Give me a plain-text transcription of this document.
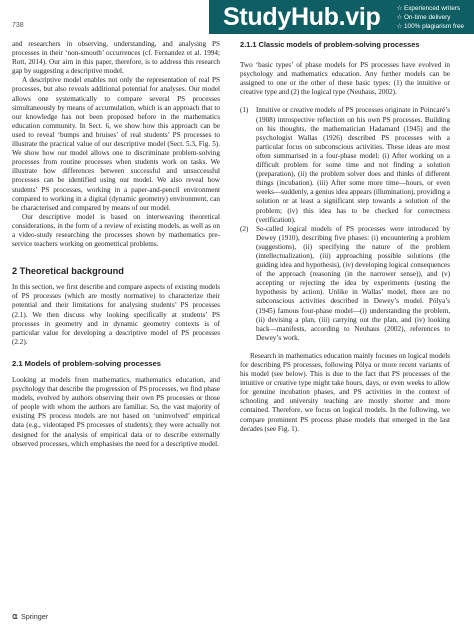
738	StudyHub.vip ☆ Experienced writers
☆ On-time delivery
☆ 100% plagiarism free

and researchers in observing, understanding, and analysing PS processes in their ‘non-smooth’ occurrences (cf. Fernandez et al. 1994; Rott, 2014). Our aim in this paper, therefore, is to address this research gap by suggesting a descriptive model.

A descriptive model enables not only the representation of real PS processes, but also reveals additional potential for analyses. Our model allows one systematically to compare several PS processes simultaneously by means of accumulation, which is an approach that to our knowledge has not been proposed before in the mathematics education community. In Sect. 6, we show how this approach can be used to reveal ‘bumps and bruises’ of real students’ PS processes to illustrate the practical value of our descriptive model (Sect. 5.3, Fig. 5). We show how our model allows one to discriminate problem-solving processes from routine processes when students work on tasks. We illustrate how differences between successful and unsuccessful processes can be identified using our model. We also reveal how students’ PS processes, working in a paper-and-pencil environment compared to working in a digital (dynamic geometry) environment, can be characterised and compared by means of our model.

Our descriptive model is based on interweaving theoretical considerations, in the form of a review of existing models, as well as on a video-study researching the processes shown by mathematics pre-service teachers working on geometrical problems.

2 Theoretical background

In this section, we first describe and compare aspects of existing models of PS processes (which are mostly normative) to characterize their potential and their limitations for analysing students’ PS processes (2.1). We then discuss why looking specifically at students’ PS processes in geometry and in dynamic geometry contexts is of particular value for developing a descriptive model of PS processes (2.2).

2.1 Models of problem-solving processes

Looking at models from mathematics, mathematics education, and psychology that describe the progression of PS processes, we find phase models, evolved by authors observing their own PS processes or those of people with whom the authors are familiar. So, the vast majority of existing PS process models are not based on ‘uninvolved’ empirical data (e.g., videotaped PS processes of students); they were actually not designed for the analysis of empirical data or to describe externally observed processes, which emphasises the need for a descriptive model.

2.1.1 Classic models of problem-solving processes

Two ‘basic types’ of phase models for PS processes have evolved in psychology and mathematics education. Any further models can be assigned to one or the other of these basic types: (1) the intuitive or creative type and (2) the logical type (Neuhaus, 2002).

(1) Intuitive or creative models of PS processes originate in Poincaré’s (1908) introspective reflection on his own PS processes. Building on his thoughts, the mathematician Hadamard (1945) and the psychologist Wallas (1926) described PS processes with a particular focus on subconscious activities. These ideas are most often summarised in a four-phase model: (i) After working on a difficult problem for some time and not finding a solution (preparation), (ii) the problem solver does and thinks of different things (incubation). (iii) After some more time—hours, or even weeks—suddenly, a genius idea appears (illumination), providing a solution or at least a significant step towards a solution of the problem; (iv) this idea has to be checked for correctness (verification).
(2) So-called logical models of PS processes were introduced by Dewey (1910), describing five phases: (i) encountering a problem (suggestions), (ii) specifying the nature of the problem (intellectualization), (iii) approaching possible solutions (the guiding idea and hypothesis), (iv) developing logical consequences of the approach (reasoning (in the narrower sense)), and (v) accepting or rejecting the idea by experiments (testing the hypothesis by action). Unlike in Wallas’ model, there are no subconscious activities described in Dewey’s model. Pólya’s (1945) famous four-phase model—(i) understanding the problem, (ii) devising a plan, (iii) carrying out the plan, and (iv) looking back—manifests, according to Neuhaus (2002), references to Dewey’s work.

Research in mathematics education mainly focuses on logical models for describing PS processes, following Pólya or more recent variants of his model (see below). This is due to the fact that PS processes of the intuitive or creative type might take hours, days, or even weeks to allow for genuine incubation phases, and PS activities in the context of schooling and university teaching are mostly shorter and more contained. Therefore, we focus on logical models. In the following, we compare prominent PS process phase models that emerged in the last decades (see Fig. 1).

⍺ Springer
